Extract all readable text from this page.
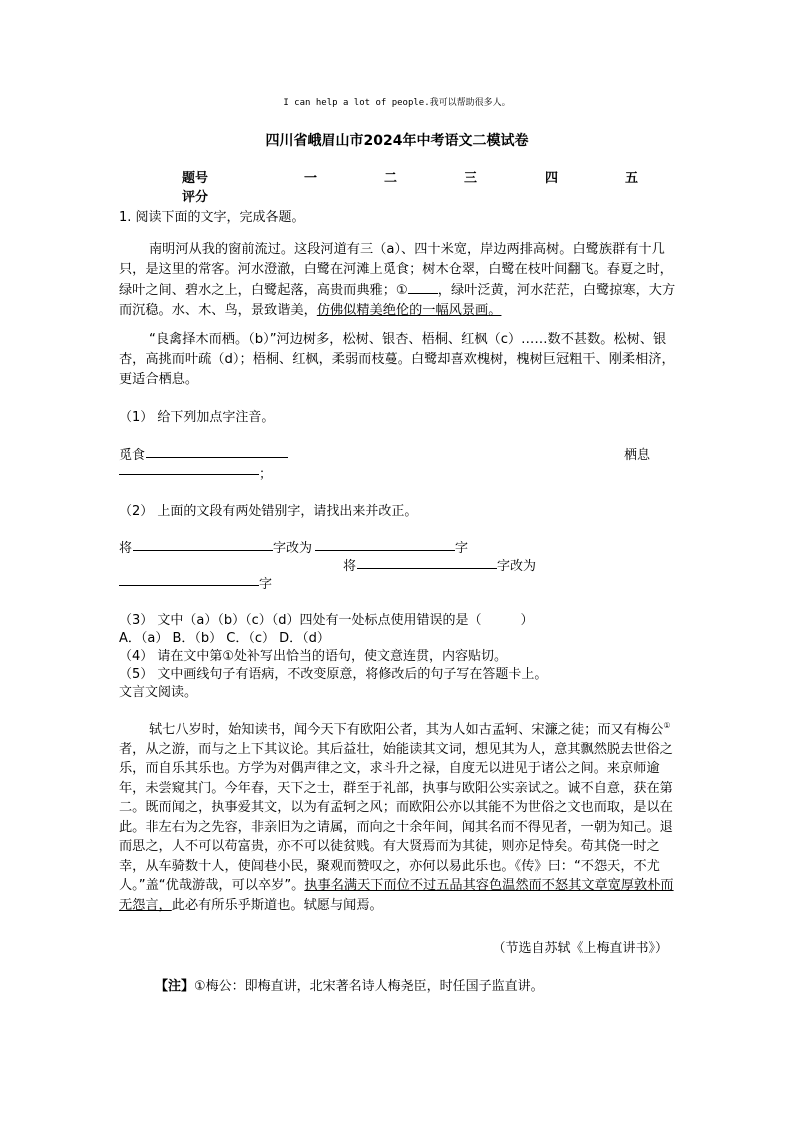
I can help a lot of people.我可以帮助很多人。
四川省峨眉山市2024年中考语文二模试卷
题号	一	二	三	四	五
评分
1. 阅读下面的文字，完成各题。

南明河从我的窗前流过。这段河道有三（a）、四十米宽，岸边两排高树。白鹭族群有十几只，是这里的常客。河水澄澈，白鹭在河滩上觅食；树木仓翠，白鹭在枝叶间翻飞。春夏之时，绿叶之间、碧水之上，白鹭起落，高贵而典雅；① ，绿叶泛黄，河水茫茫，白鹭掠寒，大方而沉稳。水、木、鸟，景致谐美，仿佛似精美绝伦的一幅风景画。

“良禽择木而栖。（b）”河边树多，松树、银杏、梧桐、红枫（c）……数不甚数。松树、银杏，高挑而叶疏（d）；梧桐、红枫，柔弱而枝蔓。白鹭却喜欢槐树，槐树巨冠粗干、刚柔相济，更适合栖息。

（1） 给下列加点字注音。
觅食	栖息
；
（2） 上面的文段有两处错别字，请找出来并改正。
将	字改为	字
将	字改为
字
（3） 文中（a）（b）（c）（d）四处有一处标点使用错误的是（　　　）
A．（a） B．（b） C．（c） D．（d）
（4） 请在文中第①处补写出恰当的语句，使文意连贯，内容贴切。
（5） 文中画线句子有语病，不改变原意，将修改后的句子写在答题卡上。
文言文阅读。

轼七八岁时，始知读书，闻今天下有欧阳公者，其为人如古孟轲、宋濂之徒；而又有梅公①者，从之游，而与之上下其议论。其后益壮，始能读其文词，想见其为人，意其飘然脱去世俗之乐，而自乐其乐也。方学为对偶声律之文，求斗升之禄，自度无以进见于诸公之间。来京师逾年，未尝窥其门。今年春，天下之士，群至于礼部，执事与欧阳公实亲试之。诚不自意，获在第二。既而闻之，执事爱其文，以为有孟轲之风；而欧阳公亦以其能不为世俗之文也而取，是以在此。非左右为之先容，非亲旧为之请属，而向之十余年间，闻其名而不得见者，一朝为知己。退而思之，人不可以苟富贵，亦不可以徒贫贱。有大贤焉而为其徒，则亦足恃矣。苟其侥一时之幸，从车骑数十人，使闾巷小民，聚观而赞叹之，亦何以易此乐也。《传》曰：“不怨天，不尤人。”盖“优哉游哉，可以卒岁”。执事名满天下而位不过五品其容色温然而不怒其文章宽厚敦朴而无怨言，此必有所乐乎斯道也。轼愿与闻焉。

（节选自苏轼《上梅直讲书》）
【注】①梅公：即梅直讲，北宋著名诗人梅尧臣，时任国子监直讲。
